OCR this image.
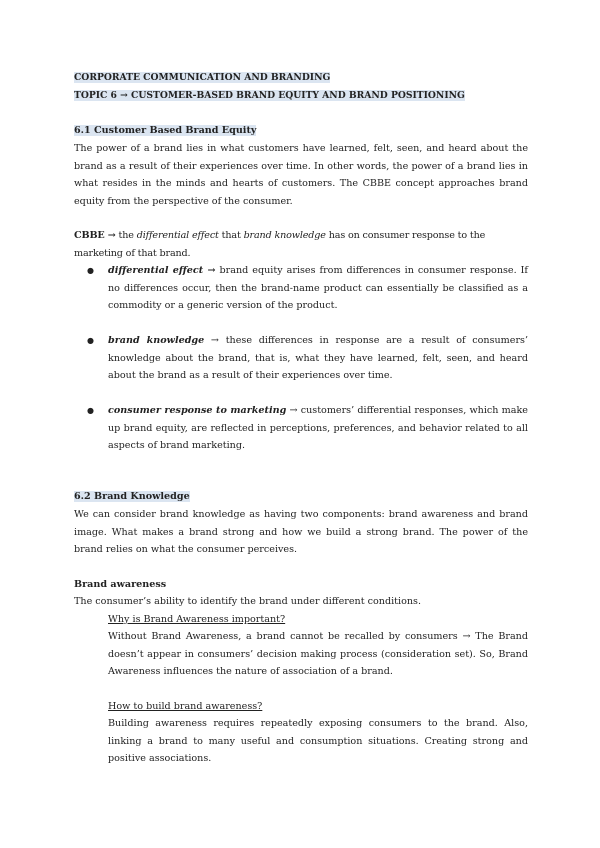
CORPORATE COMMUNICATION AND BRANDING
TOPIC 6 → CUSTOMER-BASED BRAND EQUITY AND BRAND POSITIONING
6.1 Customer Based Brand Equity
The power of a brand lies in what customers have learned, felt, seen, and heard about the brand as a result of their experiences over time. In other words, the power of a brand lies in what resides in the minds and hearts of customers. The CBBE concept approaches brand equity from the perspective of the consumer.
CBBE → the differential effect that brand knowledge has on consumer response to the marketing of that brand.
● differential effect → brand equity arises from differences in consumer response. If no differences occur, then the brand-name product can essentially be classified as a commodity or a generic version of the product.
● brand knowledge → these differences in response are a result of consumers’ knowledge about the brand, that is, what they have learned, felt, seen, and heard about the brand as a result of their experiences over time.
● consumer response to marketing → customers’ differential responses, which make up brand equity, are reflected in perceptions, preferences, and behavior related to all aspects of brand marketing.
6.2 Brand Knowledge
We can consider brand knowledge as having two components: brand awareness and brand image. What makes a brand strong and how we build a strong brand. The power of the brand relies on what the consumer perceives.
Brand awareness
The consumer’s ability to identify the brand under different conditions.
Why is Brand Awareness important?
Without Brand Awareness, a brand cannot be recalled by consumers → The Brand doesn’t appear in consumers’ decision making process (consideration set). So, Brand Awareness influences the nature of association of a brand.
How to build brand awareness?
Building awareness requires repeatedly exposing consumers to the brand. Also, linking a brand to many useful and consumption situations. Creating strong and positive associations.
